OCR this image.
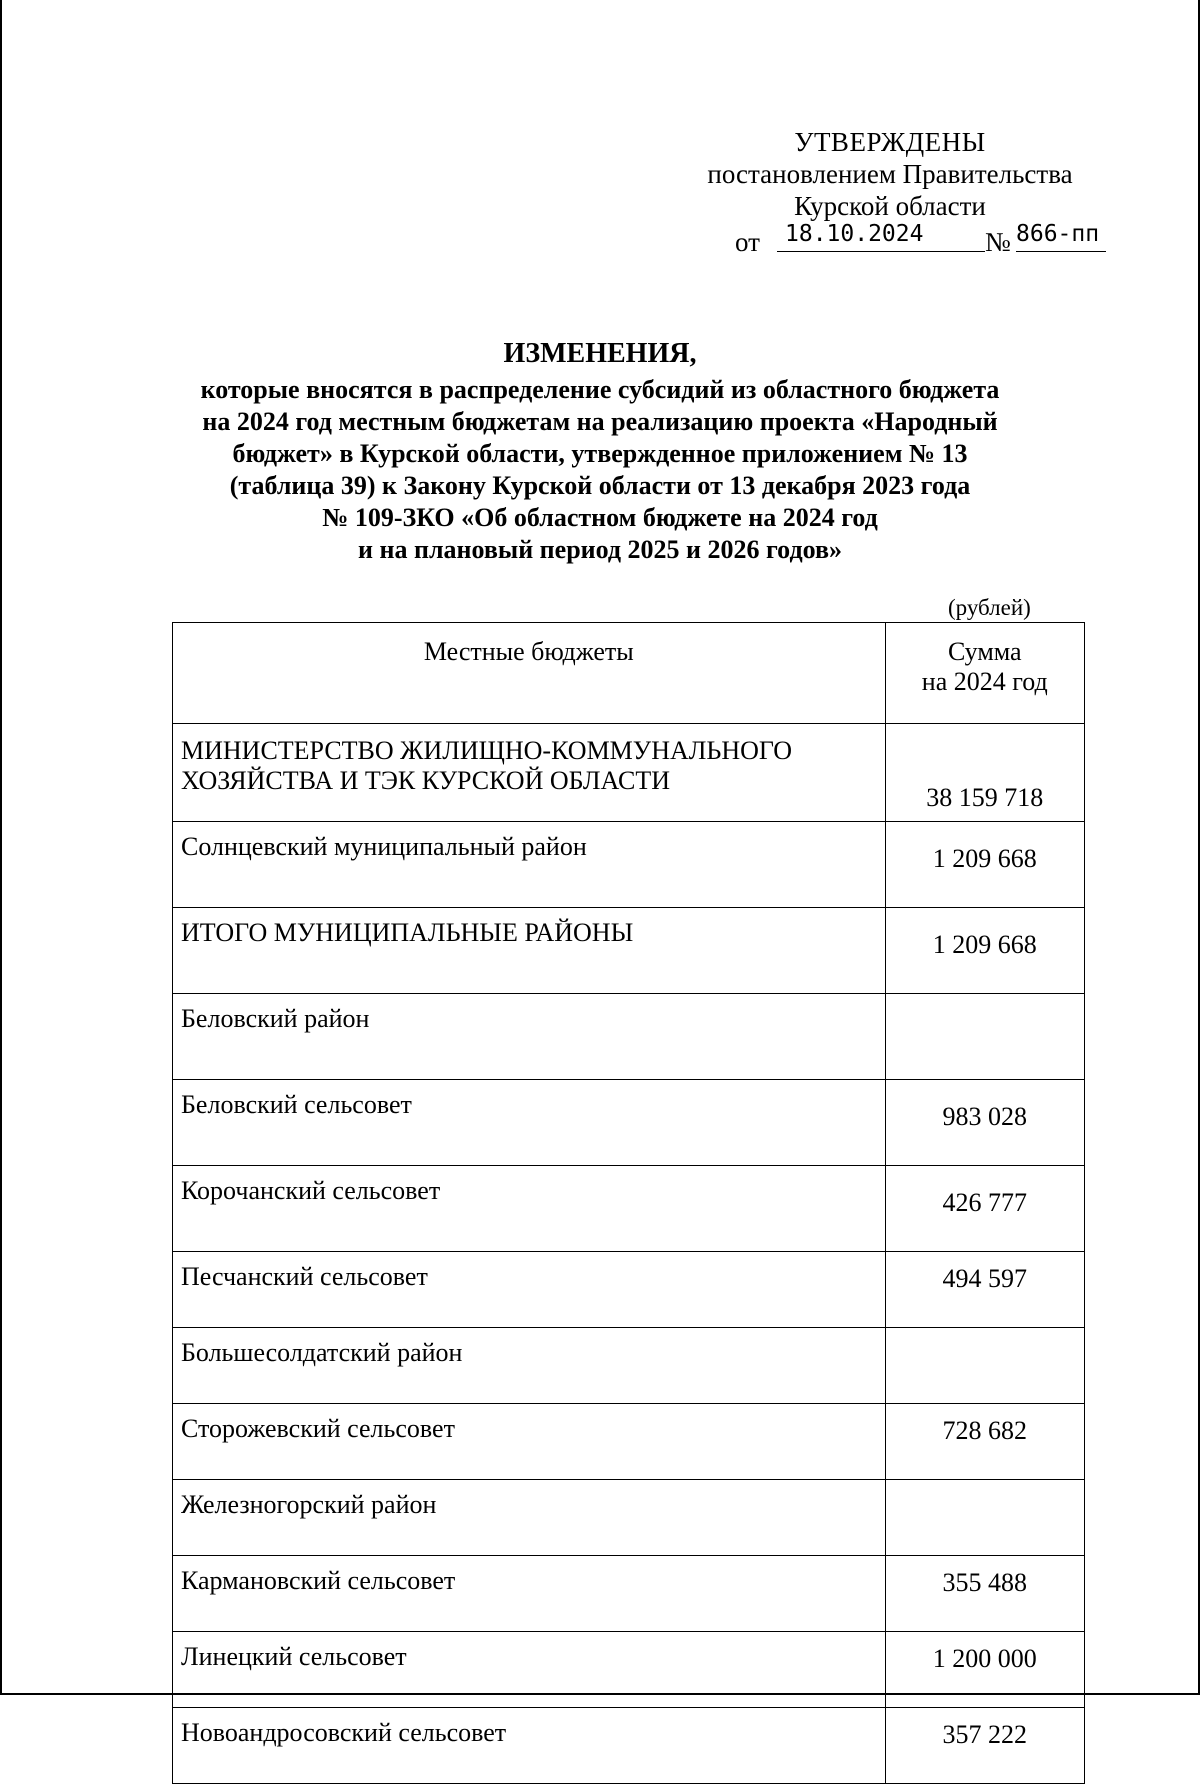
УТВЕРЖДЕНЫ
постановлением Правительства
Курской области
от	18.10.2024	№ 866-пп
ИЗМЕНЕНИЯ,
которые вносятся в распределение субсидий из областного бюджета
на 2024 год местным бюджетам на реализацию проекта «Народный
бюджет» в Курской области, утвержденное приложением № 13
(таблица 39) к Закону Курской области от 13 декабря 2023 года
№ 109-ЗКО «Об областном бюджете на 2024 год
и на плановый период 2025 и 2026 годов»
(рублей)
Местные бюджеты	Сумма
на 2024 год

МИНИСТЕРСТВО ЖИЛИЩНО-КОММУНАЛЬНОГО
ХОЗЯЙСТВА И ТЭК КУРСКОЙ ОБЛАСТИ	38 159 718
Солнцевский муниципальный район	1 209 668
ИТОГО МУНИЦИПАЛЬНЫЕ РАЙОНЫ	1 209 668
Беловский район	
Беловский сельсовет	983 028
Корочанский сельсовет	426 777
Песчанский сельсовет	494 597
Большесолдатский район	
Сторожевский сельсовет	728 682
Железногорский район	
Кармановский сельсовет	355 488
Линецкий сельсовет	1 200 000
Новоандросовский сельсовет	357 222
